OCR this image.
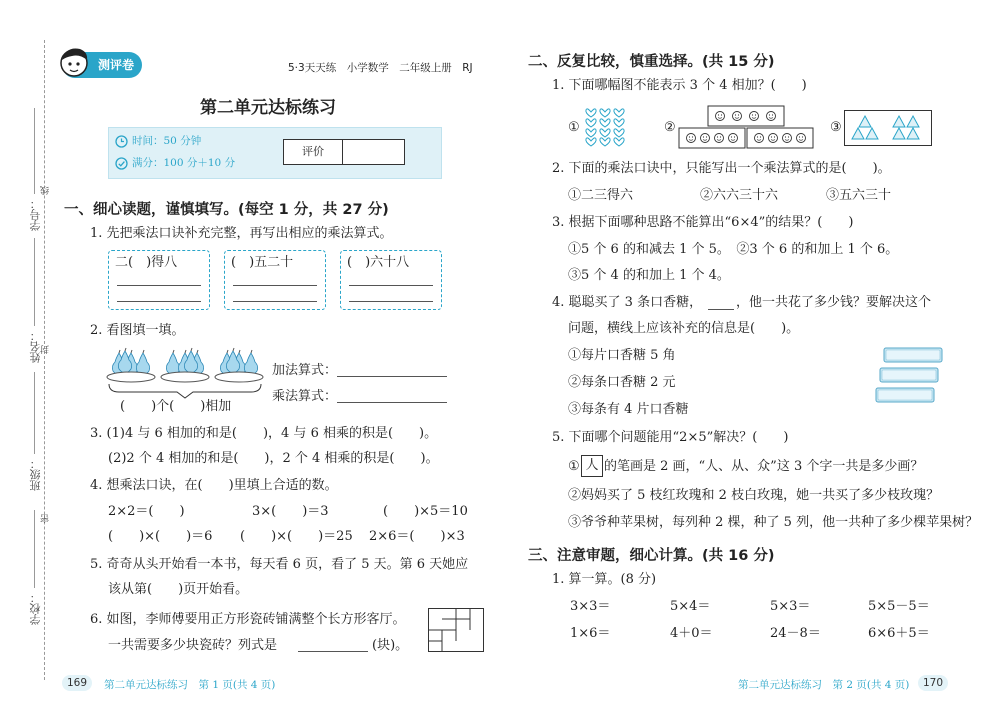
学校：
班级：
姓名：
学号：
线
封
密
测评卷	5·3天天练　小学数学　二年级上册　RJ
第二单元达标练习
时间：50 分钟
满分：100 分＋10 分
评价
一、细心读题，谨慎填写。(每空 1 分，共 27 分)
1. 先把乘法口诀补充完整，再写出相应的乘法算式。
二(　)得八	(　)五二十	(　)六十八
2. 看图填一填。
(　　)个(　　)相加
加法算式：
乘法算式：
3. (1)4 与 6 相加的和是(　　)，4 与 6 相乘的积是(　　)。
(2)2 个 4 相加的和是(　　)，2 个 4 相乘的积是(　　)。
4. 想乘法口诀，在(　　)里填上合适的数。
2×2＝(　　)	3×(　　)＝3	(　　)×5＝10
(　　)×(　　)＝6 (　　)×(　　)＝25 2×6＝(　　)×3
5. 奇奇从头开始看一本书，每天看 6 页，看了 5 天。第 6 天她应
该从第(　　)页开始看。
6. 如图，李师傅要用正方形瓷砖铺满整个长方形客厅。
一共需要多少块瓷砖？列式是	(块)。
169	第二单元达标练习　第 1 页(共 4 页)	第二单元达标练习　第 2 页(共 4 页)	170
二、反复比较，慎重选择。(共 15 分)
1. 下面哪幅图不能表示 3 个 4 相加？(　　)
①	②	③
2. 下面的乘法口诀中，只能写出一个乘法算式的是(　　)。
①二三得六	②六六三十六	③五六三十
3. 根据下面哪种思路不能算出“6×4”的结果？(　　)
①5 个 6 的和减去 1 个 5。　②3 个 6 的和加上 1 个 6。
③5 个 4 的和加上 1 个 4。
4. 聪聪买了 3 条口香糖，	，他一共花了多少钱？要解决这个
问题，横线上应该补充的信息是(　　)。
①每片口香糖 5 角
②每条口香糖 2 元
③每条有 4 片口香糖
5. 下面哪个问题能用“2×5”解决？(　　)
① 人 的笔画是 2 画，“人、从、众”这 3 个字一共是多少画？
②妈妈买了 5 枝红玫瑰和 2 枝白玫瑰，她一共买了多少枝玫瑰？
③爷爷种苹果树，每列种 2 棵，种了 5 列，他一共种了多少棵苹果树？
三、注意审题，细心计算。(共 16 分)
1. 算一算。(8 分)
3×3＝	5×4＝	5×3＝	5×5－5＝
1×6＝	4＋0＝	24－8＝	6×6＋5＝
